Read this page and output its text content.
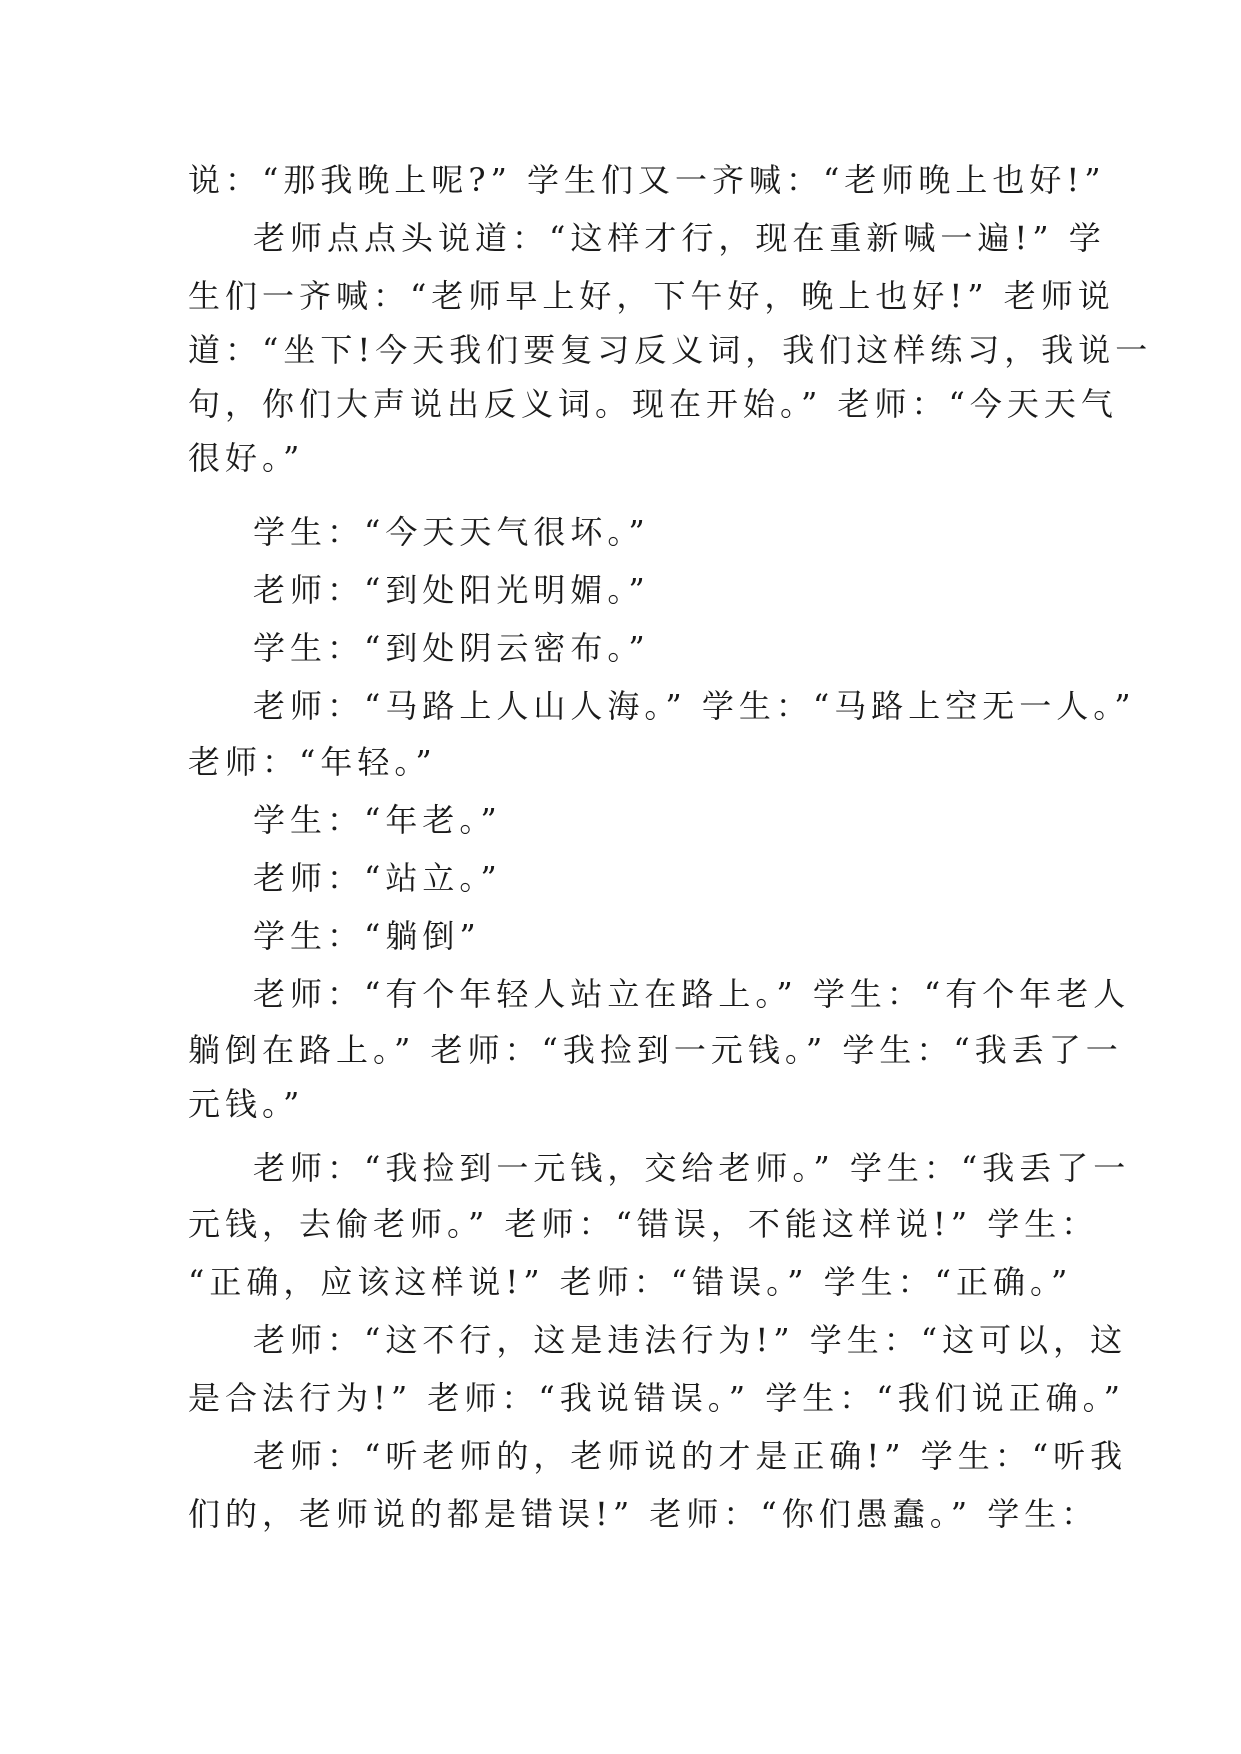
说：“那我晚上呢?” 学生们又一齐喊：“老师晚上也好!”
老师点点头说道：“这样才行，现在重新喊一遍!” 学
生们一齐喊：“老师早上好，下午好，晚上也好!” 老师说
道：“坐下!今天我们要复习反义词，我们这样练习，我说一
句，你们大声说出反义词。现在开始。” 老师：“今天天气
很好。”
学生：“今天天气很坏。”
老师：“到处阳光明媚。”
学生：“到处阴云密布。”
老师：“马路上人山人海。” 学生：“马路上空无一人。”
老师：“年轻。”
学生：“年老。”
老师：“站立。”
学生：“躺倒”
老师：“有个年轻人站立在路上。” 学生：“有个年老人
躺倒在路上。” 老师：“我捡到一元钱。” 学生：“我丢了一
元钱。”
老师：“我捡到一元钱，交给老师。” 学生：“我丢了一
元钱，去偷老师。” 老师：“错误，不能这样说!” 学生：
“正确，应该这样说!” 老师：“错误。” 学生：“正确。”
老师：“这不行，这是违法行为!” 学生：“这可以，这
是合法行为!” 老师：“我说错误。” 学生：“我们说正确。”
老师：“听老师的，老师说的才是正确!” 学生：“听我
们的，老师说的都是错误!” 老师：“你们愚蠢。” 学生：
